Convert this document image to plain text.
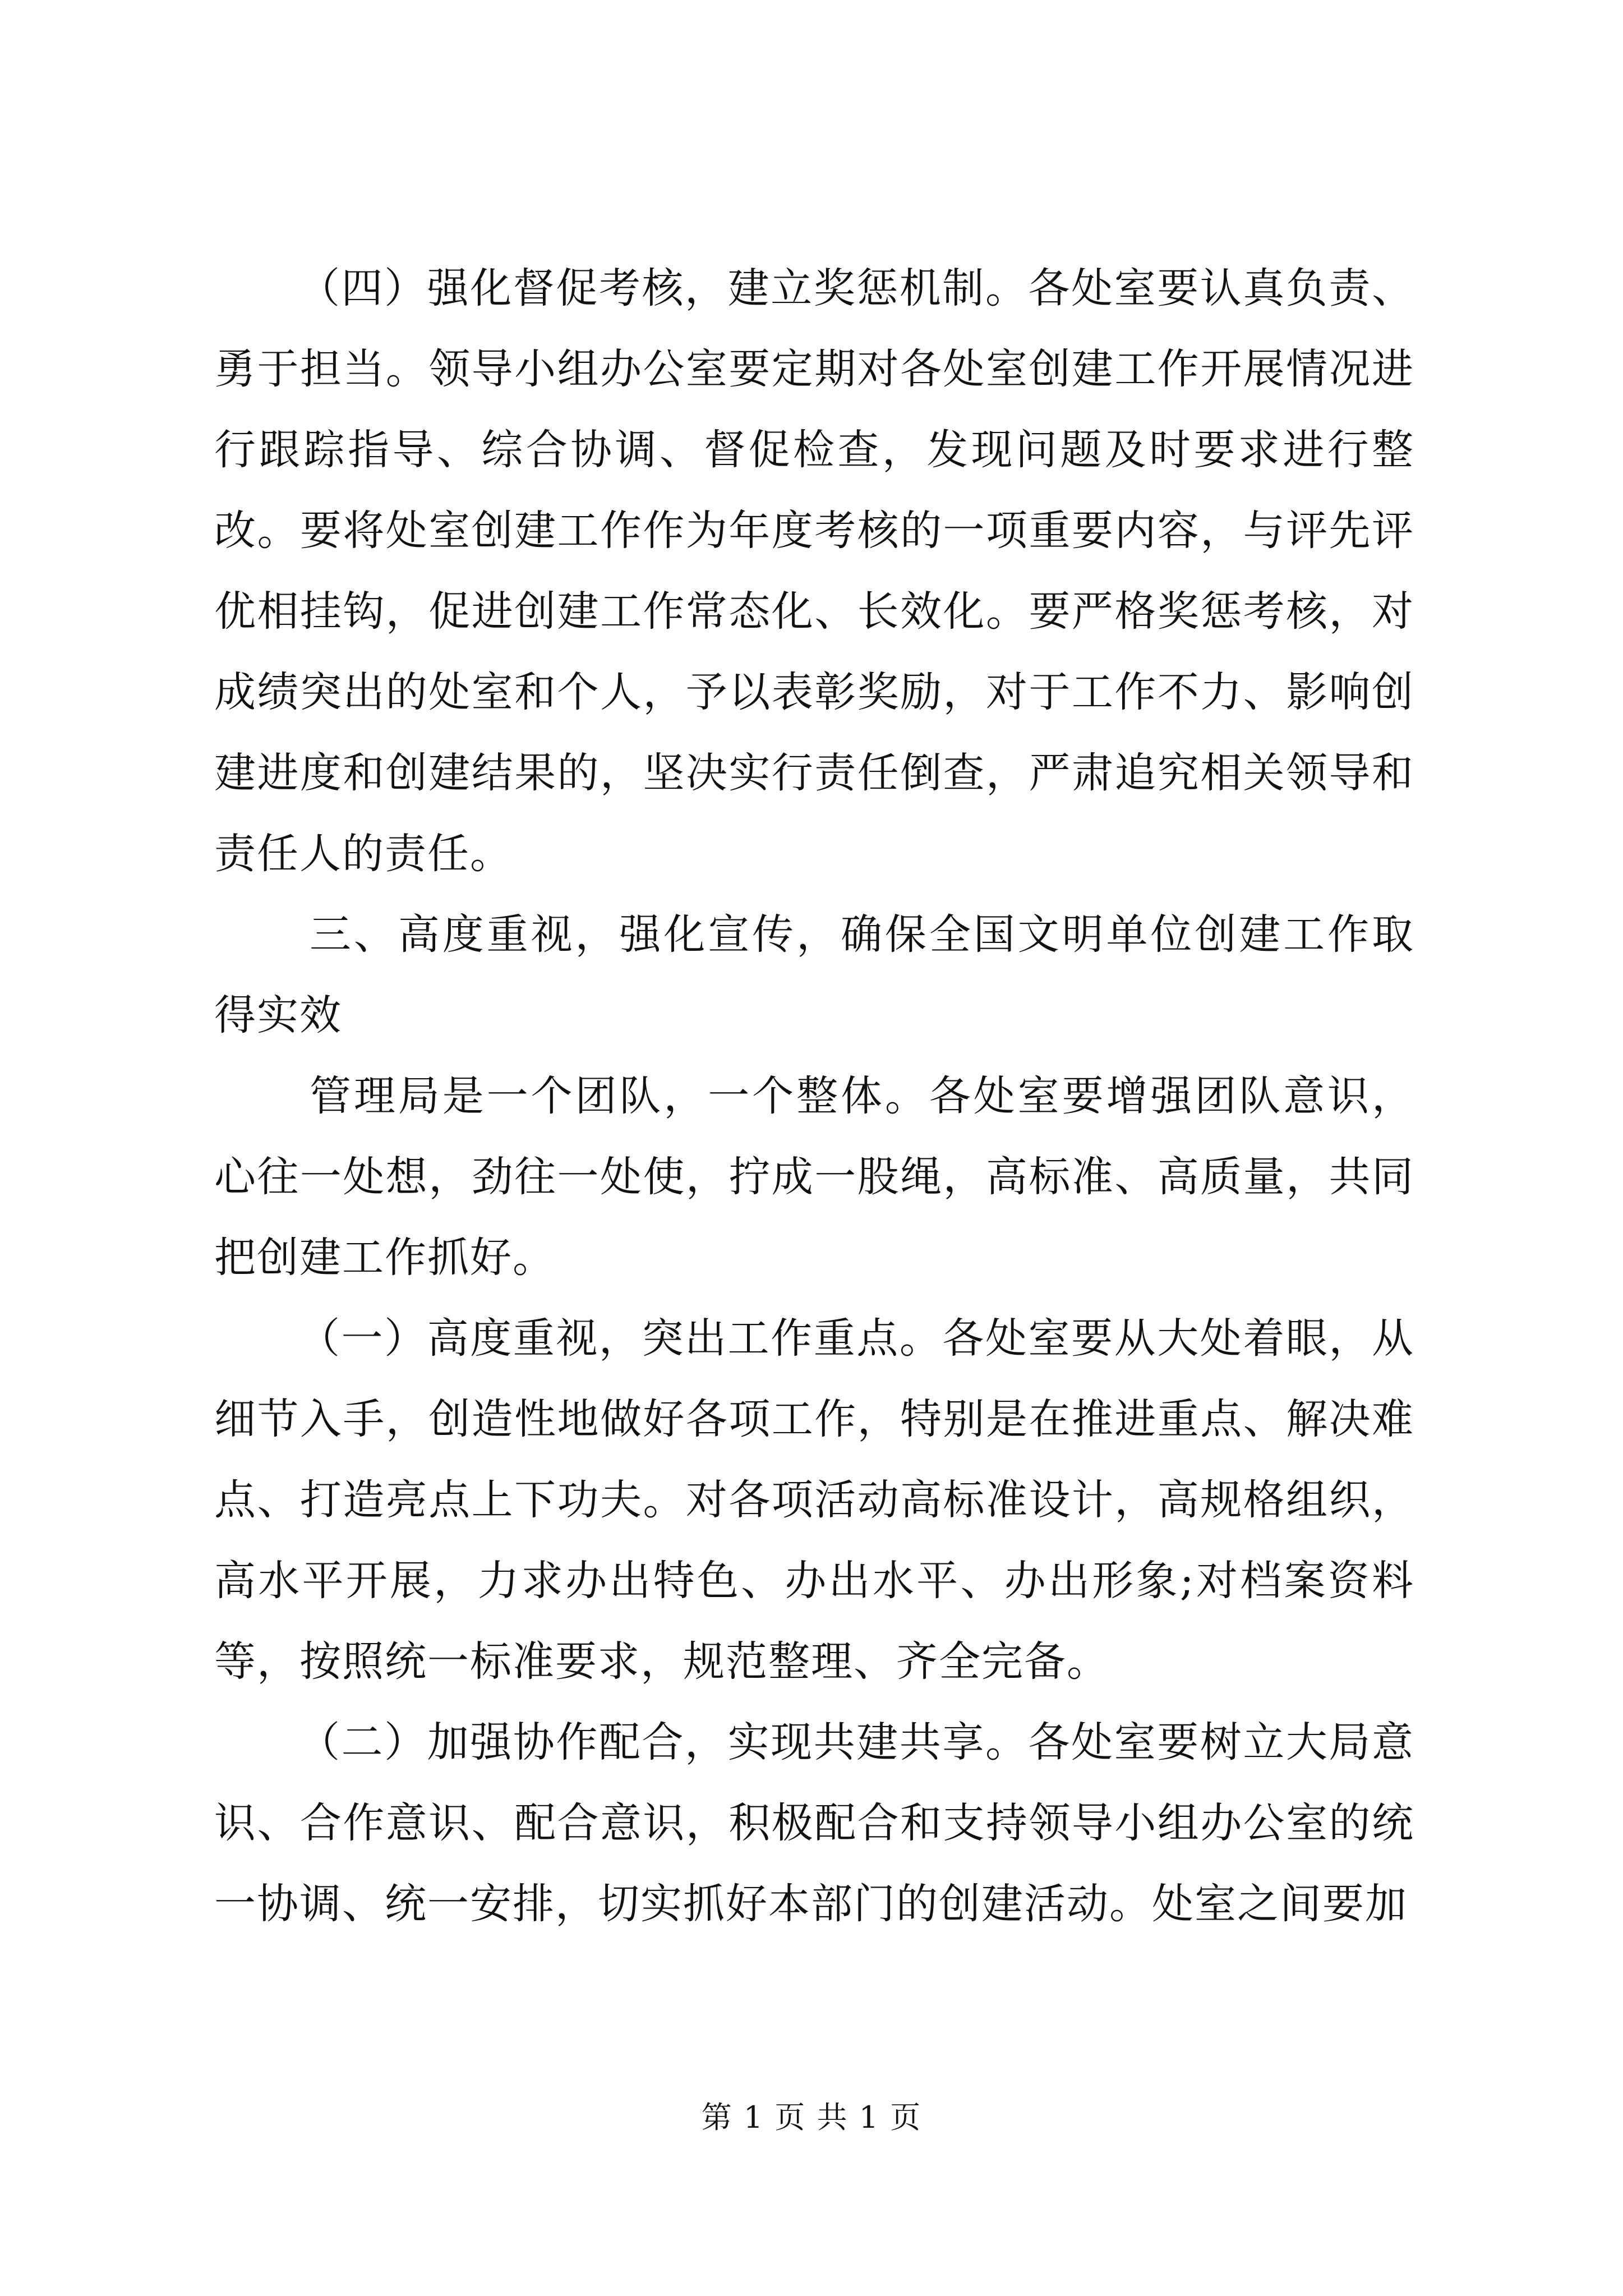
（四）强化督促考核，建立奖惩机制。各处室要认真负责、勇于担当。领导小组办公室要定期对各处室创建工作开展情况进行跟踪指导、综合协调、督促检查，发现问题及时要求进行整改。要将处室创建工作作为年度考核的一项重要内容，与评先评优相挂钩，促进创建工作常态化、长效化。要严格奖惩考核，对成绩突出的处室和个人，予以表彰奖励，对于工作不力、影响创建进度和创建结果的，坚决实行责任倒查，严肃追究相关领导和责任人的责任。

三、高度重视，强化宣传，确保全国文明单位创建工作取得实效

管理局是一个团队，一个整体。各处室要增强团队意识，心往一处想，劲往一处使，拧成一股绳，高标准、高质量，共同把创建工作抓好。

（一）高度重视，突出工作重点。各处室要从大处着眼，从细节入手，创造性地做好各项工作，特别是在推进重点、解决难点、打造亮点上下功夫。对各项活动高标准设计，高规格组织，高水平开展，力求办出特色、办出水平、办出形象;对档案资料等，按照统一标准要求，规范整理、齐全完备。

（二）加强协作配合，实现共建共享。各处室要树立大局意识、合作意识、配合意识，积极配合和支持领导小组办公室的统一协调、统一安排，切实抓好本部门的创建活动。处室之间要加

第 1 页 共 1 页
